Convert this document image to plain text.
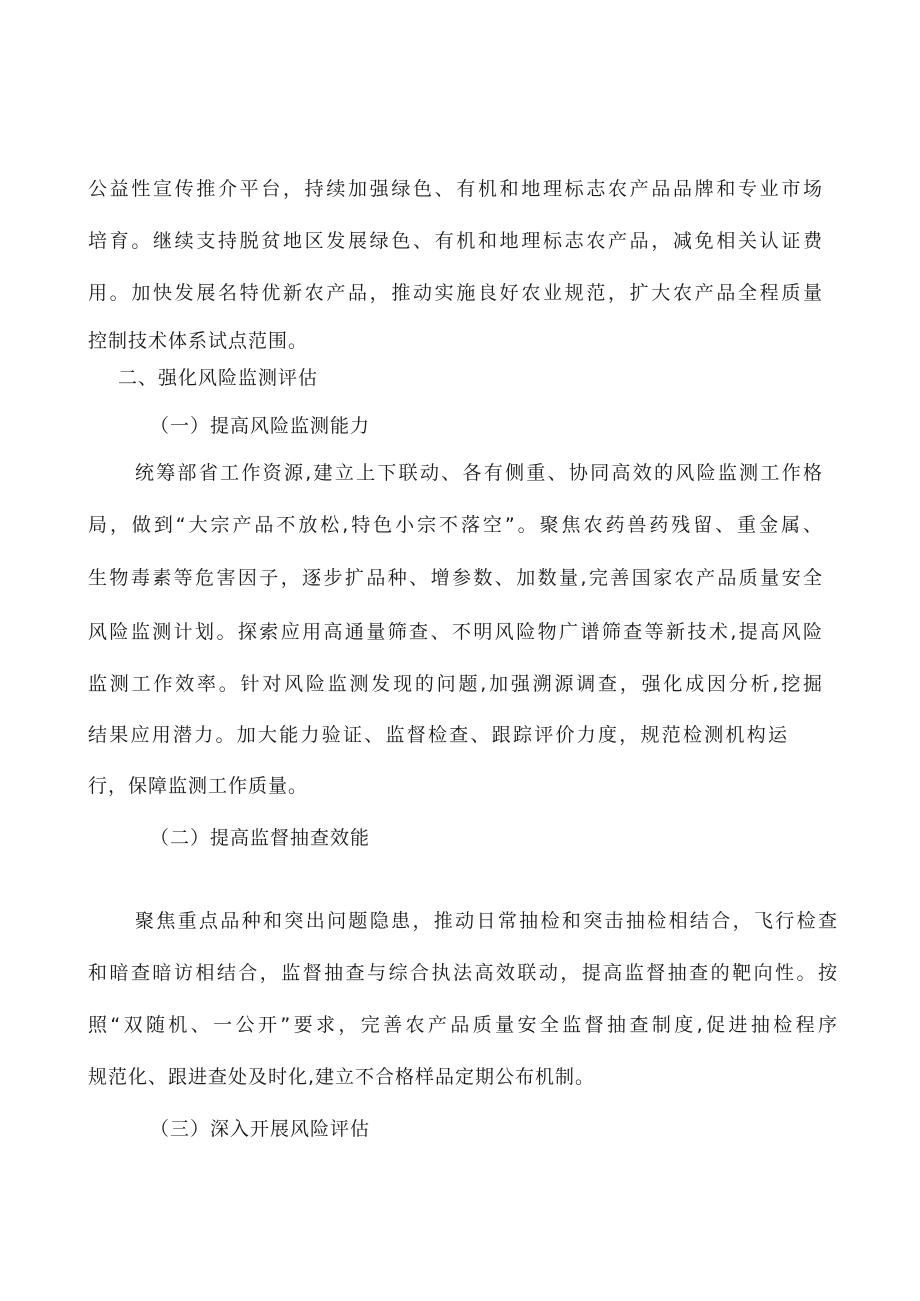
公益性宣传推介平台，持续加强绿色、有机和地理标志农产品品牌和专业市场
培育。继续支持脱贫地区发展绿色、有机和地理标志农产品，减免相关认证费
用。加快发展名特优新农产品，推动实施良好农业规范，扩大农产品全程质量
控制技术体系试点范围。
二、强化风险监测评估
（一）提高风险监测能力
统筹部省工作资源,建立上下联动、各有侧重、协同高效的风险监测工作格
局，做到“大宗产品不放松,特色小宗不落空”。聚焦农药兽药残留、重金属、
生物毒素等危害因子，逐步扩品种、增参数、加数量,完善国家农产品质量安全
风险监测计划。探索应用高通量筛查、不明风险物广谱筛查等新技术,提高风险
监测工作效率。针对风险监测发现的问题,加强溯源调查，强化成因分析,挖掘
结果应用潜力。加大能力验证、监督检查、跟踪评价力度，规范检测机构运
行，保障监测工作质量。
（二）提高监督抽查效能
聚焦重点品种和突出问题隐患，推动日常抽检和突击抽检相结合，飞行检查
和暗查暗访相结合，监督抽查与综合执法高效联动，提高监督抽查的靶向性。按
照“双随机、一公开”要求，完善农产品质量安全监督抽查制度,促进抽检程序
规范化、跟进查处及时化,建立不合格样品定期公布机制。
（三）深入开展风险评估
